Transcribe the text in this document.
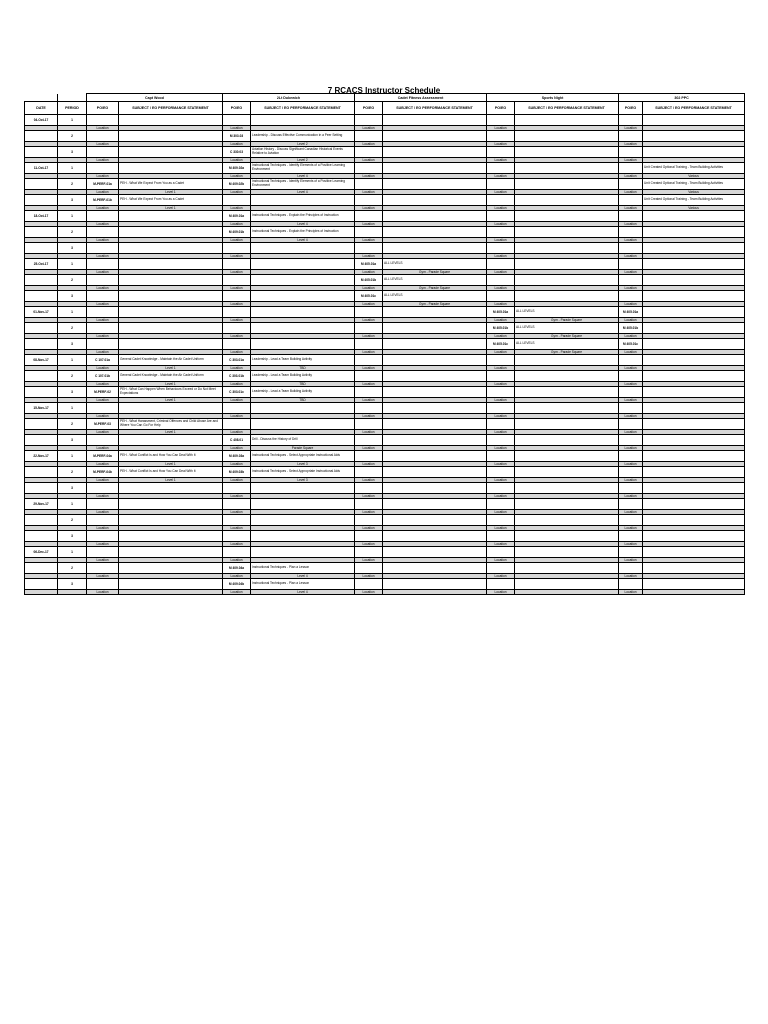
7 RCACS Instructor Schedule
		Capt Wood		2Lt Dukewich		Cadet Fitness Assessment		Sports Night		302 PPC	
DATE	PERIOD	PO/EO	SUBJECT / EO PERFORMANCE STATEMENT	PO/EO	SUBJECT / EO PERFORMANCE STATEMENT	PO/EO	SUBJECT / EO PERFORMANCE STATEMENT	PO/EO	SUBJECT / EO PERFORMANCE STATEMENT	PO/EO	SUBJECT / EO PERFORMANCE STATEMENT
04-Oct-17	1										
		Location		Location		Location		Location		Location	
	2			M 303.03	Leadership - Discuss Effective Communication in a Peer Setting						
		Location		Location	Level 2	Location		Location		Location	
	3			C 330.03	Aviation History - Discuss Significant Canadian Historical Events Relative to Aviation						
		Location		Location	Level 2	Location		Location		Location	
11-Oct-17	1			M 409.02a	Instructional Techniques - Identify Elements of a Positive Learning Environment						Unit Created Optional Training - Team Building Activities
		Location		Location	Level 4	Location		Location		Location	Various
	2	M-PERF-01a	PEH - What We Expect From You as a Cadet	M 409.02b	Instructional Techniques - Identify Elements of a Positive Learning Environment						Unit Created Optional Training - Team Building Activities
		Location	Level 1	Location	Level 4	Location		Location		Location	Various
	3	M-PERF-01b	PEH - What We Expect From You as a Cadet								Unit Created Optional Training - Team Building Activities
		Location	Level 1	Location		Location		Location		Location	Various
18-Oct-17	1			M 409.01a	Instructional Techniques - Explain the Principles of Instruction						
		Location		Location	Level 4	Location		Location		Location	
	2			M 409.01b	Instructional Techniques - Explain the Principles of Instruction						
		Location		Location	Level 4	Location		Location		Location	
	3										
		Location		Location		Location		Location		Location	
25-Oct-17	1					M 405.01a	ALL LEVELS				
		Location		Location		Location	Gym - Parade Square	Location		Location	
	2					M 405.01b	ALL LEVELS				
		Location		Location		Location	Gym - Parade Square	Location		Location	
	3					M 405.01c	ALL LEVELS				
		Location		Location		Location	Gym - Parade Square	Location		Location	
01-Nov-17	1							M 405.01a	ALL LEVELS	M 405.01a	
		Location		Location		Location		Location	Gym - Parade Square	Location	
	2							M 405.01b	ALL LEVELS	M 405.01b	
		Location		Location		Location		Location	Gym - Parade Square	Location	
	3							M 405.01c	ALL LEVELS	M 405.01c	
		Location		Location		Location		Location	Gym - Parade Square	Location	
08-Nov-17	1	C 107.01a	General Cadet Knowledge - Maintain the Air Cadet Uniform	C 303.01a	Leadership - Lead a Team Building Activity						
		Location	Level 1	Location	TBD	Location		Location		Location	
	2	C 107.01b	General Cadet Knowledge - Maintain the Air Cadet Uniform	C 303.01b	Leadership - Lead a Team Building Activity						
		Location	Level 1	Location	TBD	Location		Location		Location	
	3	M-PERF-02	PEH - What Can Happen When Behaviours Exceed or Do Not Meet Expectations	C 303.01c	Leadership - Lead a Team Building Activity						
		Location	Level 1	Location	TBD	Location		Location		Location	
15-Nov-17	1										
		Location		Location		Location		Location		Location	
	2	M-PERF-03	PEH - What Harassment, Criminal Offences and Child Abuse Are and Where You Can Go For Help								
		Location	Level 1	Location		Location		Location		Location	
	3			C 408.01	Drill - Discuss the History of Drill						
		Location		Location	Parade Square	Location		Location		Location	
22-Nov-17	1	M-PERF-04a	PEH - What Conflict Is and How You Can Deal With It	M 409.03a	Instructional Techniques - Select Appropriate Instructional Aids						
		Location	Level 1	Location	Level 3	Location		Location		Location	
	2	M-PERF-04b	PEH - What Conflict Is and How You Can Deal With It	M 409.03b	Instructional Techniques - Select Appropriate Instructional Aids						
		Location	Level 1	Location	Level 3	Location		Location		Location	
	3										
		Location		Location		Location		Location		Location	
29-Nov-17	1										
		Location		Location		Location		Location		Location	
	2										
		Location		Location		Location		Location		Location	
	3										
		Location		Location		Location		Location		Location	
06-Dec-17	1										
		Location		Location		Location		Location		Location	
	2			M 409.04a	Instructional Techniques - Plan a Lesson						
		Location		Location	Level 4	Location		Location		Location	
	3			M 409.04b	Instructional Techniques - Plan a Lesson						
		Location		Location	Level 4	Location		Location		Location	
